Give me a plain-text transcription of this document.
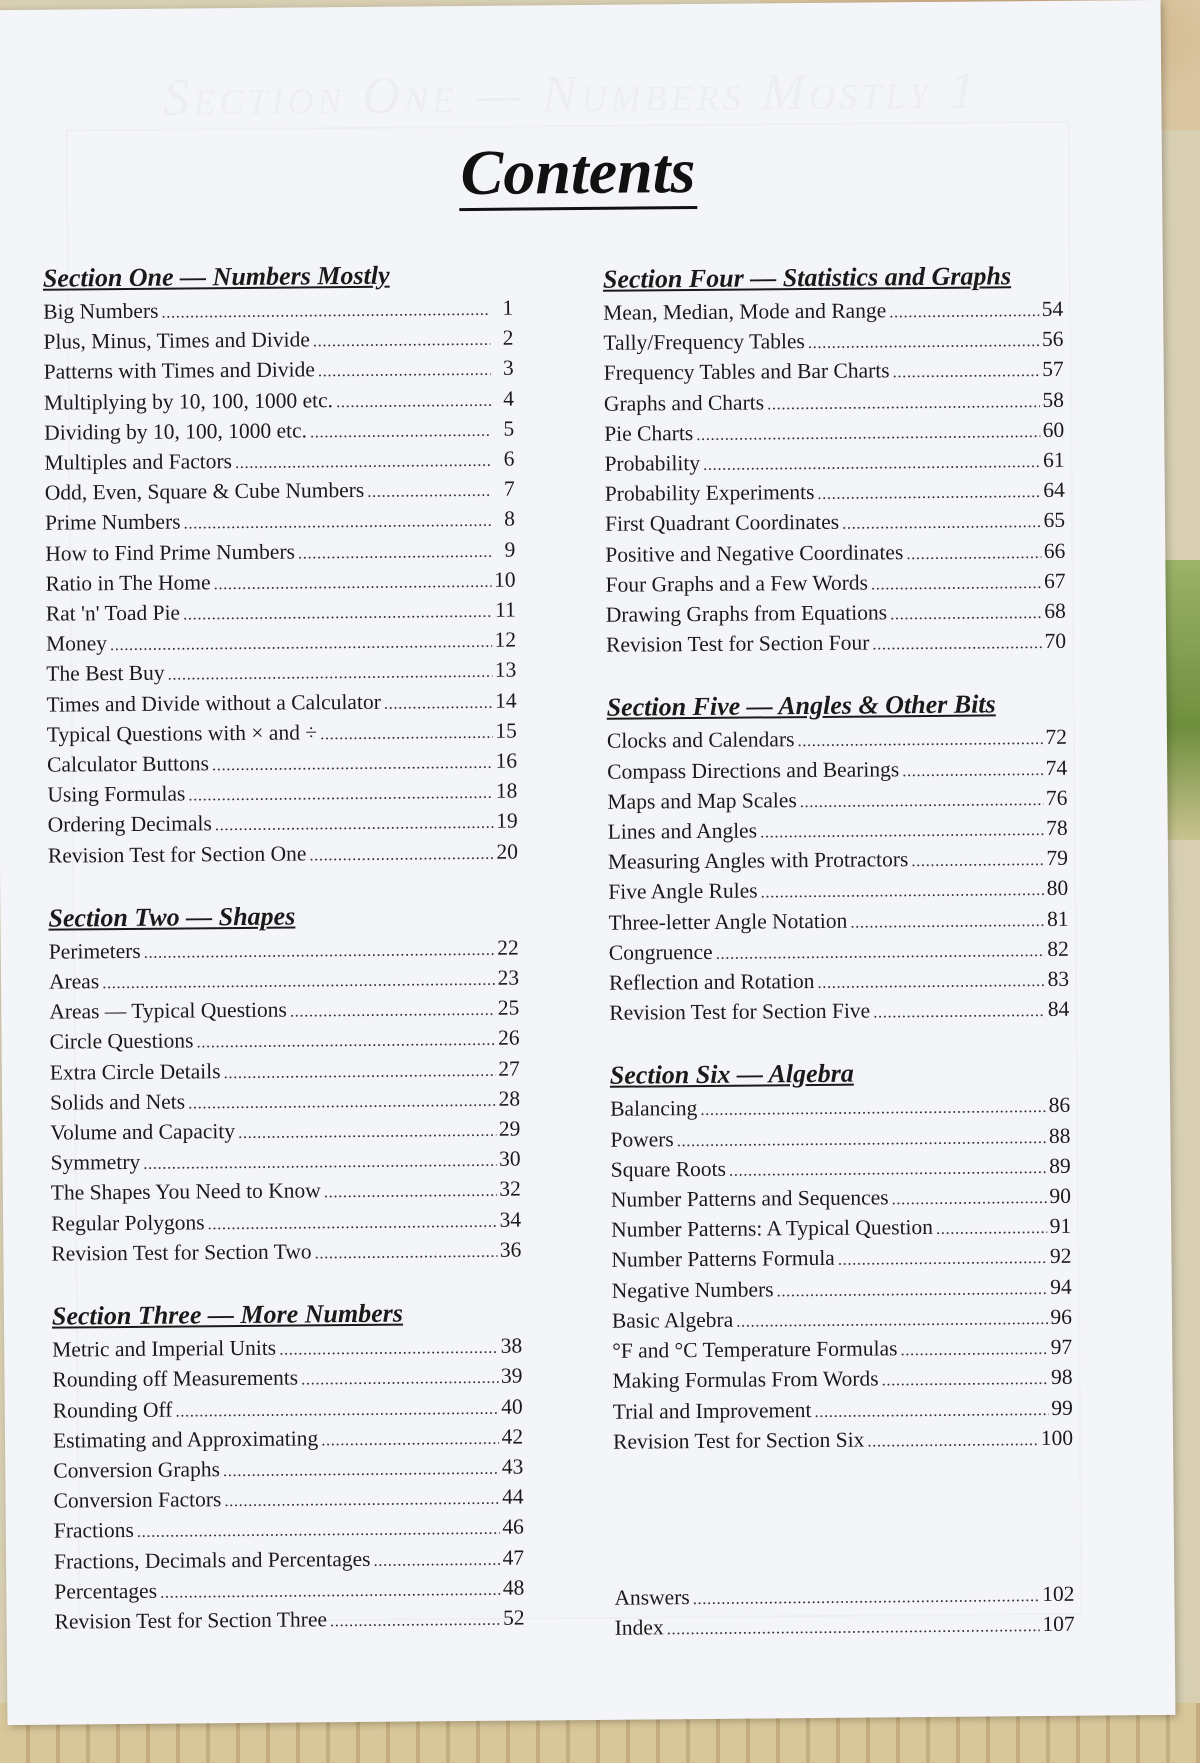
Section One — Numbers Mostly 1
Contents
Section One — Numbers Mostly
Big Numbers .....	1
Plus, Minus, Times and Divide .....	2
Patterns with Times and Divide .....	3
Multiplying by 10, 100, 1000 etc. .....	4
Dividing by 10, 100, 1000 etc. .....	5
Multiples and Factors .....	6
Odd, Even, Square & Cube Numbers .....	7
Prime Numbers .....	8
How to Find Prime Numbers .....	9
Ratio in The Home .....	10
Rat 'n' Toad Pie .....	11
Money .....	12
The Best Buy .....	13
Times and Divide without a Calculator .....	14
Typical Questions with × and ÷ .....	15
Calculator Buttons .....	16
Using Formulas .....	18
Ordering Decimals .....	19
Revision Test for Section One .....	20
Section Two — Shapes
Perimeters .....	22
Areas .....	23
Areas — Typical Questions .....	25
Circle Questions .....	26
Extra Circle Details .....	27
Solids and Nets .....	28
Volume and Capacity .....	29
Symmetry .....	30
The Shapes You Need to Know .....	32
Regular Polygons .....	34
Revision Test for Section Two .....	36
Section Three — More Numbers
Metric and Imperial Units .....	38
Rounding off Measurements .....	39
Rounding Off .....	40
Estimating and Approximating .....	42
Conversion Graphs .....	43
Conversion Factors .....	44
Fractions .....	46
Fractions, Decimals and Percentages .....	47
Percentages .....	48
Revision Test for Section Three .....	52
Section Four — Statistics and Graphs
Mean, Median, Mode and Range .....	54
Tally/Frequency Tables .....	56
Frequency Tables and Bar Charts .....	57
Graphs and Charts .....	58
Pie Charts .....	60
Probability .....	61
Probability Experiments .....	64
First Quadrant Coordinates .....	65
Positive and Negative Coordinates .....	66
Four Graphs and a Few Words .....	67
Drawing Graphs from Equations .....	68
Revision Test for Section Four .....	70
Section Five — Angles & Other Bits
Clocks and Calendars .....	72
Compass Directions and Bearings .....	74
Maps and Map Scales .....	76
Lines and Angles .....	78
Measuring Angles with Protractors .....	79
Five Angle Rules .....	80
Three-letter Angle Notation .....	81
Congruence .....	82
Reflection and Rotation .....	83
Revision Test for Section Five .....	84
Section Six — Algebra
Balancing .....	86
Powers .....	88
Square Roots .....	89
Number Patterns and Sequences .....	90
Number Patterns: A Typical Question .....	91
Number Patterns Formula .....	92
Negative Numbers .....	94
Basic Algebra .....	96
°F and °C Temperature Formulas .....	97
Making Formulas From Words .....	98
Trial and Improvement .....	99
Revision Test for Section Six .....	100
Answers .....	102
Index .....	107
